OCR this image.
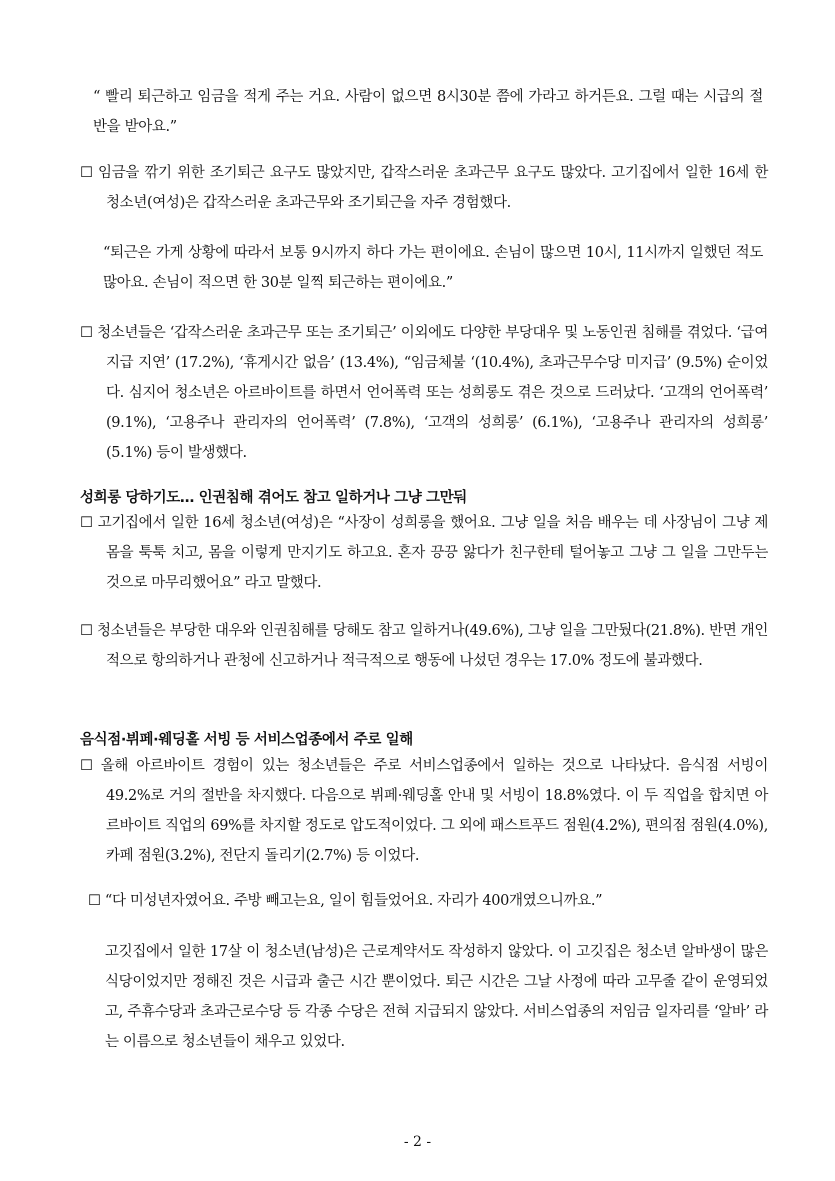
“ 빨리 퇴근하고 임금을 적게 주는 거요. 사람이 없으면 8시30분 쯤에 가라고 하거든요. 그럴 때는 시급의 절반을 받아요.”

☐ 임금을 깎기 위한 조기퇴근 요구도 많았지만, 갑작스러운 초과근무 요구도 많았다. 고기집에서 일한 16세 한 청소년(여성)은 갑작스러운 초과근무와 조기퇴근을 자주 경험했다.

“퇴근은 가게 상황에 따라서 보통 9시까지 하다 가는 편이에요. 손님이 많으면 10시, 11시까지 일했던 적도 많아요. 손님이 적으면 한 30분 일찍 퇴근하는 편이에요.”

☐ 청소년들은 ‘갑작스러운 초과근무 또는 조기퇴근’ 이외에도 다양한 부당대우 및 노동인권 침해를 겪었다. ‘급여지급 지연’ (17.2%), ‘휴게시간 없음’ (13.4%), “임금체불 ‘(10.4%), 초과근무수당 미지급’ (9.5%) 순이었다. 심지어 청소년은 아르바이트를 하면서 언어폭력 또는 성희롱도 겪은 것으로 드러났다. ‘고객의 언어폭력’ (9.1%), ‘고용주나 관리자의 언어폭력’ (7.8%), ‘고객의 성희롱’ (6.1%), ‘고용주나 관리자의 성희롱’ (5.1%) 등이 발생했다.

성희롱 당하기도… 인권침해 겪어도 참고 일하거나 그냥 그만둬

☐ 고기집에서 일한 16세 청소년(여성)은 “사장이 성희롱을 했어요. 그냥 일을 처음 배우는 데 사장님이 그냥 제 몸을 툭툭 치고, 몸을 이렇게 만지기도 하고요. 혼자 끙끙 앓다가 친구한테 털어놓고 그냥 그 일을 그만두는 것으로 마무리했어요” 라고 말했다.

☐ 청소년들은 부당한 대우와 인권침해를 당해도 참고 일하거나(49.6%), 그냥 일을 그만뒀다(21.8%). 반면 개인적으로 항의하거나 관청에 신고하거나 적극적으로 행동에 나섰던 경우는 17.0% 정도에 불과했다.

음식점·뷔페·웨딩홀 서빙 등 서비스업종에서 주로 일해

☐ 올해 아르바이트 경험이 있는 청소년들은 주로 서비스업종에서 일하는 것으로 나타났다. 음식점 서빙이 49.2%로 거의 절반을 차지했다. 다음으로 뷔페·웨딩홀 안내 및 서빙이 18.8%였다. 이 두 직업을 합치면 아르바이트 직업의 69%를 차지할 정도로 압도적이었다. 그 외에 패스트푸드 점원(4.2%), 편의점 점원(4.0%), 카페 점원(3.2%), 전단지 돌리기(2.7%) 등 이었다.

☐ “다 미성년자였어요. 주방 빼고는요, 일이 힘들었어요. 자리가 400개였으니까요.”

고깃집에서 일한 17살 이 청소년(남성)은 근로계약서도 작성하지 않았다. 이 고깃집은 청소년 알바생이 많은 식당이었지만 정해진 것은 시급과 출근 시간 뿐이었다. 퇴근 시간은 그날 사정에 따라 고무줄 같이 운영되었고, 주휴수당과 초과근로수당 등 각종 수당은 전혀 지급되지 않았다. 서비스업종의 저임금 일자리를 ‘알바’ 라는 이름으로 청소년들이 채우고 있었다.

- 2 -
